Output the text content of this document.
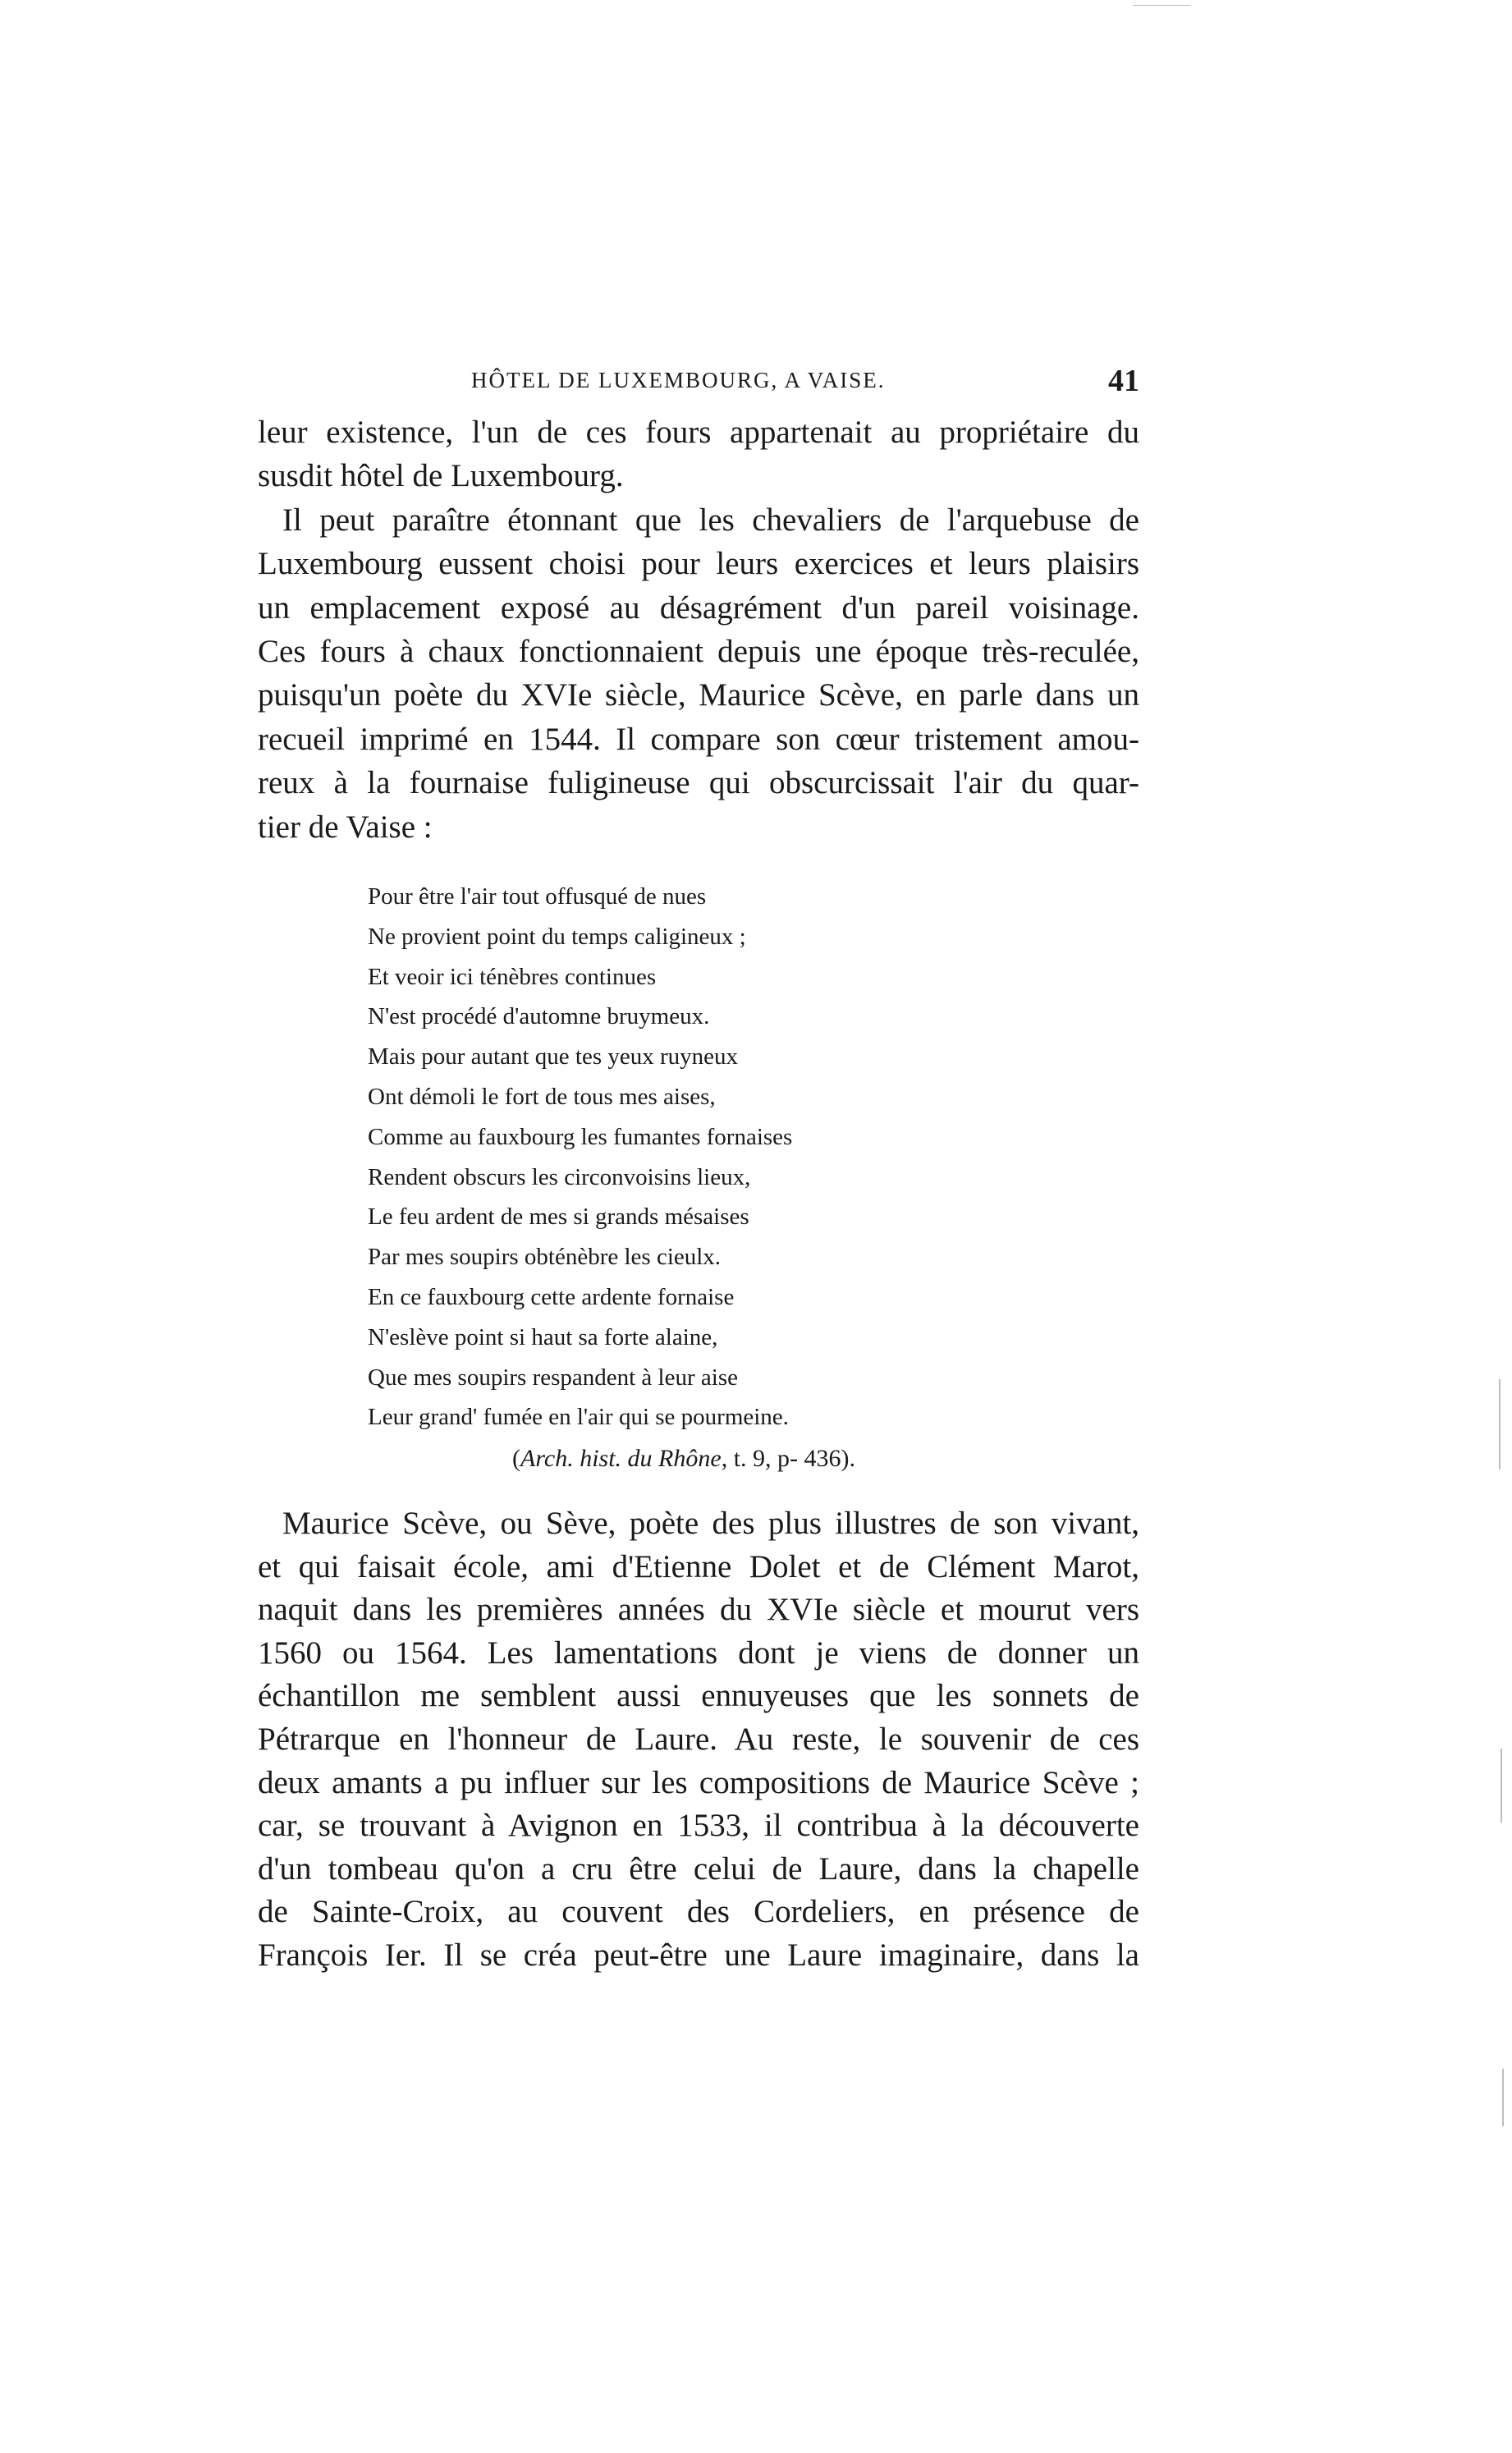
HÔTEL DE LUXEMBOURG, A VAISE.	41
leur existence, l'un de ces fours appartenait au propriétaire du
susdit hôtel de Luxembourg.
Il peut paraître étonnant que les chevaliers de l'arquebuse de
Luxembourg eussent choisi pour leurs exercices et leurs plaisirs
un emplacement exposé au désagrément d'un pareil voisinage.
Ces fours à chaux fonctionnaient depuis une époque très-reculée,
puisqu'un poète du XVIe siècle, Maurice Scève, en parle dans un
recueil imprimé en 1544. Il compare son cœur tristement amou-
reux à la fournaise fuligineuse qui obscurcissait l'air du quar-
tier de Vaise :
Pour être l'air tout offusqué de nues
Ne provient point du temps caligineux ;
Et veoir ici ténèbres continues
N'est procédé d'automne bruymeux.
Mais pour autant que tes yeux ruyneux
Ont démoli le fort de tous mes aises,
Comme au fauxbourg les fumantes fornaises
Rendent obscurs les circonvoisins lieux,
Le feu ardent de mes si grands mésaises
Par mes soupirs obténèbre les cieulx.
En ce fauxbourg cette ardente fornaise
N'eslève point si haut sa forte alaine,
Que mes soupirs respandent à leur aise
Leur grand' fumée en l'air qui se pourmeine.
(Arch. hist. du Rhône, t. 9, p- 436).
Maurice Scève, ou Sève, poète des plus illustres de son vivant,
et qui faisait école, ami d'Etienne Dolet et de Clément Marot,
naquit dans les premières années du XVIe siècle et mourut vers
1560 ou 1564. Les lamentations dont je viens de donner un
échantillon me semblent aussi ennuyeuses que les sonnets de
Pétrarque en l'honneur de Laure. Au reste, le souvenir de ces
deux amants a pu influer sur les compositions de Maurice Scève ;
car, se trouvant à Avignon en 1533, il contribua à la découverte
d'un tombeau qu'on a cru être celui de Laure, dans la chapelle
de Sainte-Croix, au couvent des Cordeliers, en présence de
François Ier. Il se créa peut-être une Laure imaginaire, dans la
